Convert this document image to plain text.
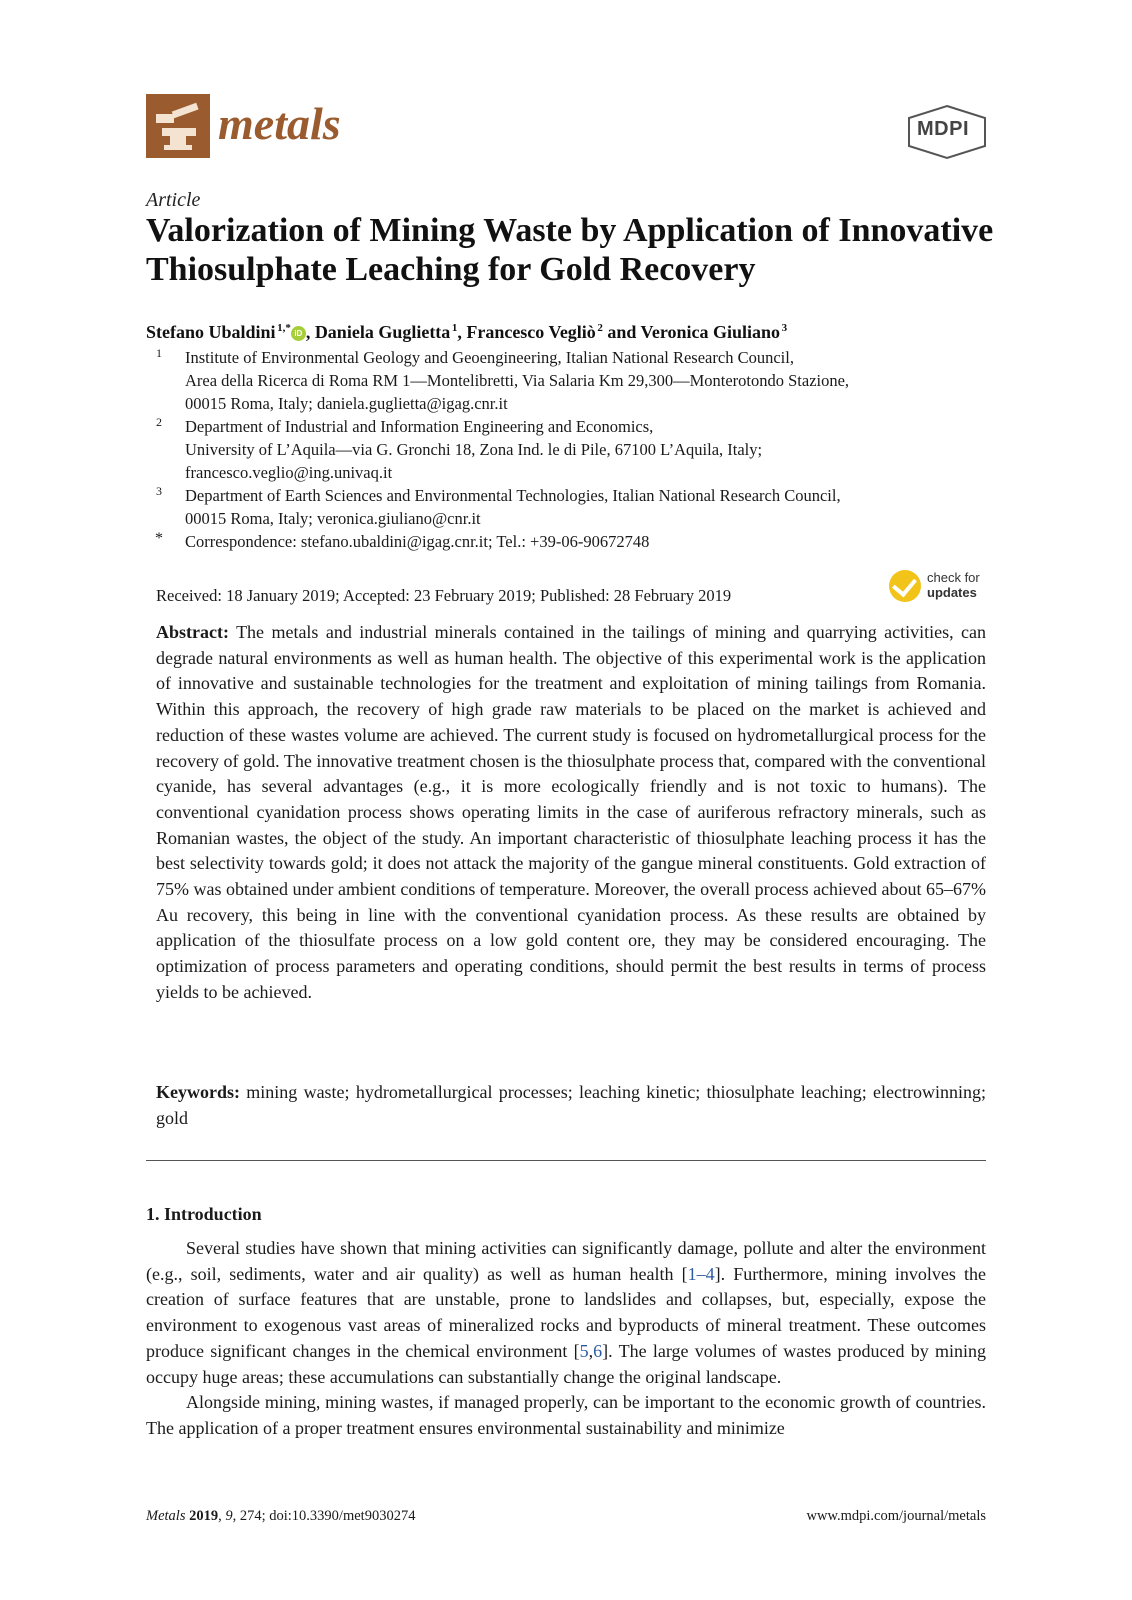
metals	MDPI
Article
Valorization of Mining Waste by Application of Innovative Thiosulphate Leaching for Gold Recovery
Stefano Ubaldini  $^{1,*}$ iD , Daniela Guglietta  $^1$, Francesco Vegliò  $^2$ and Veronica Giuliano  $^3$
1 Institute of Environmental Geology and Geoengineering, Italian National Research Council,
Area della Ricerca di Roma RM 1—Montelibretti, Via Salaria Km 29,300—Monterotondo Stazione,
00015 Roma, Italy; daniela.guglietta@igag.cnr.it
2 Department of Industrial and Information Engineering and Economics,
University of L’Aquila—via G. Gronchi 18, Zona Ind. le di Pile, 67100 L’Aquila, Italy;
francesco.veglio@ing.univaq.it
3 Department of Earth Sciences and Environmental Technologies, Italian National Research Council,
00015 Roma, Italy; veronica.giuliano@cnr.it
* Correspondence: stefano.ubaldini@igag.cnr.it; Tel.: +39-06-90672748
Received: 18 January 2019; Accepted: 23 February 2019; Published: 28 February 2019
check for
updates
Abstract: The metals and industrial minerals contained in the tailings of mining and quarrying activities, can degrade natural environments as well as human health. The objective of this experimental work is the application of innovative and sustainable technologies for the treatment and exploitation of mining tailings from Romania. Within this approach, the recovery of high grade raw materials to be placed on the market is achieved and reduction of these wastes volume are achieved. The current study is focused on hydrometallurgical process for the recovery of gold. The innovative treatment chosen is the thiosulphate process that, compared with the conventional cyanide, has several advantages (e.g., it is more ecologically friendly and is not toxic to humans). The conventional cyanidation process shows operating limits in the case of auriferous refractory minerals, such as Romanian wastes, the object of the study. An important characteristic of thiosulphate leaching process it has the best selectivity towards gold; it does not attack the majority of the gangue mineral constituents. Gold extraction of 75% was obtained under ambient conditions of temperature. Moreover, the overall process achieved about 65–67% Au recovery, this being in line with the conventional cyanidation process. As these results are obtained by application of the thiosulfate process on a low gold content ore, they may be considered encouraging. The optimization of process parameters and operating conditions, should permit the best results in terms of process yields to be achieved.
Keywords: mining waste; hydrometallurgical processes; leaching kinetic; thiosulphate leaching; electrowinning; gold
1. Introduction

Several studies have shown that mining activities can significantly damage, pollute and alter the environment (e.g., soil, sediments, water and air quality) as well as human health [1–4]. Furthermore, mining involves the creation of surface features that are unstable, prone to landslides and collapses, but, especially, expose the environment to exogenous vast areas of mineralized rocks and byproducts of mineral treatment. These outcomes produce significant changes in the chemical environment [5,6]. The large volumes of wastes produced by mining occupy huge areas; these accumulations can substantially change the original landscape.

Alongside mining, mining wastes, if managed properly, can be important to the economic growth of countries. The application of a proper treatment ensures environmental sustainability and minimize

Metals 2019, 9, 274; doi:10.3390/met9030274	www.mdpi.com/journal/metals
